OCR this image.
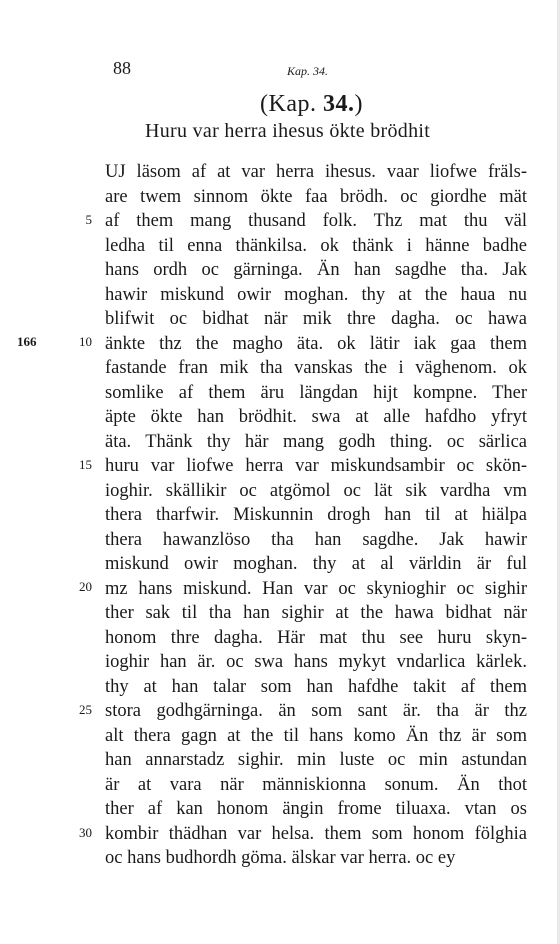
88	Kap. 34.
(Kap. 34.)
Huru var herra ihesus ökte brödhit
166
5
10
15
20
25
30
UJ läsom af at var herra ihesus. vaar liofwe fräls-
are twem sinnom ökte faa brödh. oc giordhe mät
af them mang thusand folk. Thz mat thu väl
ledha til enna thänkilsa. ok thänk i hänne badhe
hans ordh oc gärninga. Än han sagdhe tha. Jak
hawir miskund owir moghan. thy at the haua nu
blifwit oc bidhat när mik thre dagha. oc hawa
änkte thz the magho äta. ok lätir iak gaa them
fastande fran mik tha vanskas the i väghenom. ok
somlike af them äru längdan hijt kompne. Ther
äpte ökte han brödhit. swa at alle hafdho yfryt
äta. Thänk thy här mang godh thing. oc särlica
huru var liofwe herra var miskundsambir oc skön-
ioghir. skällikir oc atgömol oc lät sik vardha vm
thera tharfwir. Miskunnin drogh han til at hiälpa
thera hawanzlöso tha han sagdhe. Jak hawir
miskund owir moghan. thy at al världin är ful
mz hans miskund. Han var oc skynioghir oc sighir
ther sak til tha han sighir at the hawa bidhat när
honom thre dagha. Här mat thu see huru skyn-
ioghir han är. oc swa hans mykyt vndarlica kärlek.
thy at han talar som han hafdhe takit af them
stora godhgärninga. än som sant är. tha är thz
alt thera gagn at the til hans komo Än thz är som
han annarstadz sighir. min luste oc min astundan
är at vara när människionna sonum. Än thot
ther af kan honom ängin frome tiluaxa. vtan os
kombir thädhan var helsa. them som honom fölghia
oc hans budhordh göma. älskar var herra. oc ey
